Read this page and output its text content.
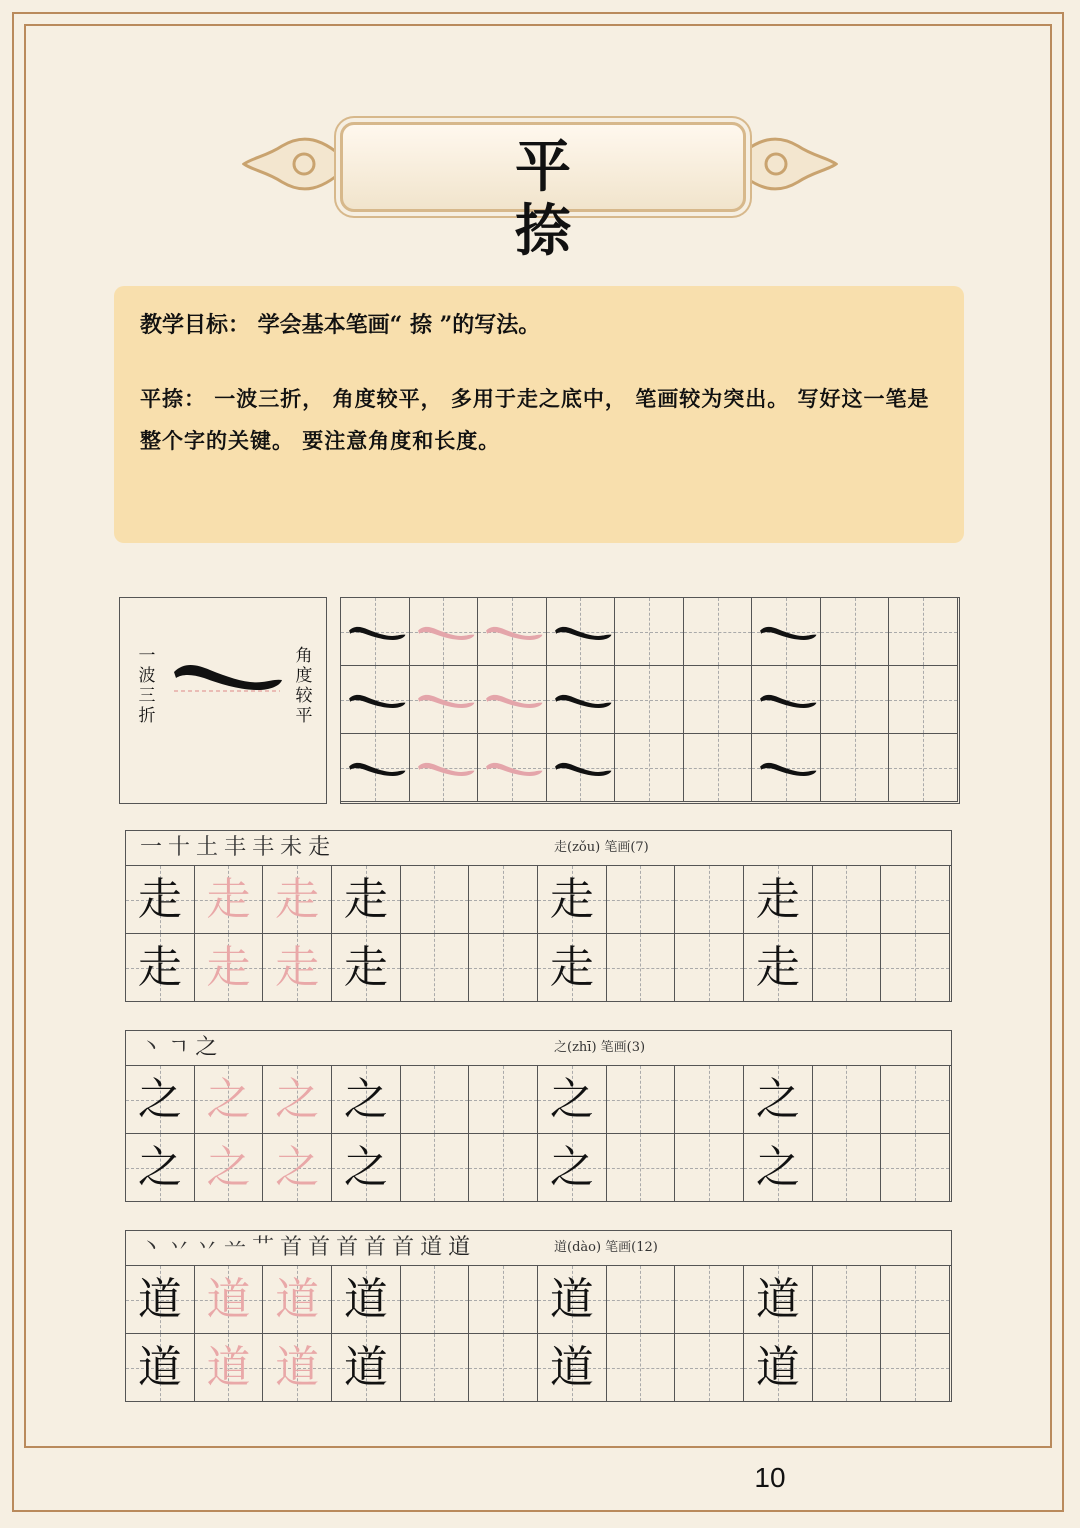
平 捺

教学目标： 学会基本笔画“ 捺 ”的写法。

平捺： 一波三折， 角度较平， 多用于走之底中， 笔画较为突出。 写好这一笔是整个字的关键。 要注意角度和长度。
一波三折
角度较平
一 十 土 丰 丰 未 走	走(zǒu) 笔画(7)
走 走 走 走	走	走
走 走 走 走	走	走
丶 ㄱ 之	之(zhī) 笔画(3)
之 之 之 之	之	之
之 之 之 之	之	之
丶 丷 丷 䒑 艹 首 首 首 首 首 道 道	道(dào) 笔画(12)
道 道 道 道	道	道
道 道 道 道	道	道
10
